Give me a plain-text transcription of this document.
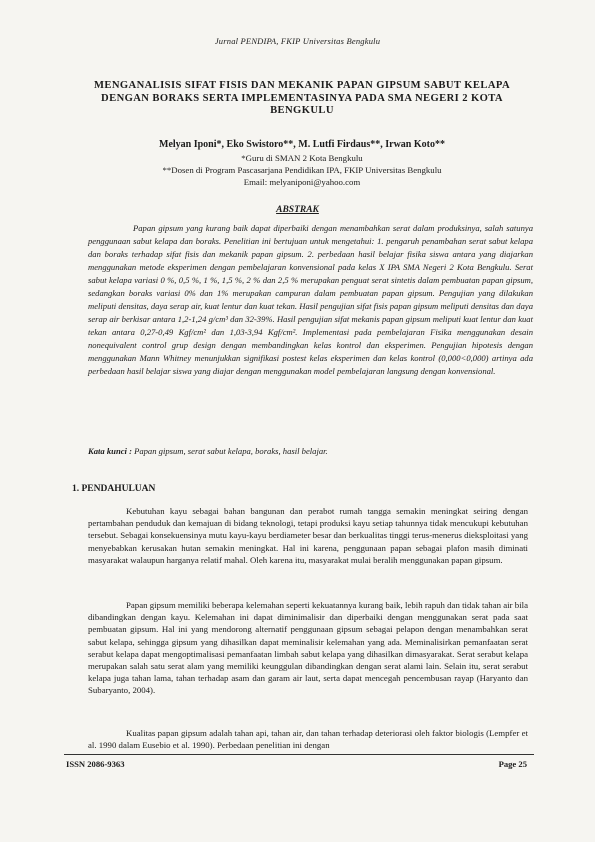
Jurnal PENDIPA, FKIP Universitas Bengkulu
MENGANALISIS SIFAT FISIS DAN MEKANIK PAPAN GIPSUM SABUT KELAPA DENGAN BORAKS SERTA IMPLEMENTASINYA PADA SMA NEGERI 2 KOTA BENGKULU
Melyan Iponi*, Eko Swistoro**, M. Lutfi Firdaus**, Irwan Koto**
*Guru di SMAN 2 Kota Bengkulu
**Dosen di Program Pascasarjana Pendidikan IPA, FKIP Universitas Bengkulu
Email: melyaniponi@yahoo.com
ABSTRAK

Papan gipsum yang kurang baik dapat diperbaiki dengan menambahkan serat dalam produksinya, salah satunya penggunaan sabut kelapa dan boraks. Penelitian ini bertujuan untuk mengetahui: 1. pengaruh penambahan serat sabut kelapa dan boraks terhadap sifat fisis dan mekanik papan gipsum. 2. perbedaan hasil belajar fisika siswa antara yang diajarkan menggunakan metode eksperimen dengan pembelajaran konvensional pada kelas X IPA SMA Negeri 2 Kota Bengkulu. Serat sabut kelapa variasi 0 %, 0,5 %, 1 %, 1,5 %, 2 % dan 2,5 % merupakan penguat serat sintetis dalam pembuatan papan gipsum, sedangkan boraks variasi 0% dan 1% merupakan campuran dalam pembuatan papan gipsum. Pengujian yang dilakukan meliputi densitas, daya serap air, kuat lentur dan kuat tekan. Hasil pengujian sifat fisis papan gipsum meliputi densitas dan daya serap air berkisar antara 1,2-1,24 g/cm³ dan 32-39%. Hasil pengujian sifat mekanis papan gipsum meliputi kuat lentur dan kuat tekan antara 0,27-0,49 Kgf/cm² dan 1,03-3,94 Kgf/cm². Implementasi pada pembelajaran Fisika menggunakan desain nonequivalent control grup design dengan membandingkan kelas kontrol dan eksperimen. Pengujian hipotesis dengan menggunakan Mann Whitney menunjukkan signifikasi postest kelas eksperimen dan kelas kontrol (0,000<0,000) artinya ada perbedaan hasil belajar siswa yang diajar dengan menggunakan model pembelajaran langsung dengan konvensional.

Kata kunci : Papan gipsum, serat sabut kelapa, boraks, hasil belajar.
1. PENDAHULUAN

Kebutuhan kayu sebagai bahan bangunan dan perabot rumah tangga semakin meningkat seiring dengan pertambahan penduduk dan kemajuan di bidang teknologi, tetapi produksi kayu setiap tahunnya tidak mencukupi kebutuhan tersebut. Sebagai konsekuensinya mutu kayu-kayu berdiameter besar dan berkualitas tinggi terus-menerus dieksploitasi yang menyebabkan kerusakan hutan semakin meningkat. Hal ini karena, penggunaan papan sebagai plafon masih diminati masyarakat walaupun harganya relatif mahal. Oleh karena itu, masyarakat mulai beralih menggunakan papan gipsum.

Papan gipsum memiliki beberapa kelemahan seperti kekuatannya kurang baik, lebih rapuh dan tidak tahan air bila dibandingkan dengan kayu. Kelemahan ini dapat diminimalisir dan diperbaiki dengan menggunakan serat pada saat pembuatan gipsum. Hal ini yang mendorong alternatif penggunaan gipsum sebagai pelapon dengan menambahkan serat sabut kelapa, sehingga gipsum yang dihasilkan dapat meminalisir kelemahan yang ada. Meminalisirkan pemanfaatan serat serabut kelapa dapat mengoptimalisasi pemanfaatan limbah sabut kelapa yang dihasilkan dimasyarakat. Serat serabut kelapa merupakan salah satu serat alam yang memiliki keunggulan dibandingkan dengan serat alami lain. Selain itu, serat serabut kelapa juga tahan lama, tahan terhadap asam dan garam air laut, serta dapat mencegah pencembusan rayap (Haryanto dan Subaryanto, 2004).

Kualitas papan gipsum adalah tahan api, tahan air, dan tahan terhadap deteriorasi oleh faktor biologis (Lempfer et al. 1990 dalam Eusebio et al. 1990). Perbedaan penelitian ini dengan

ISSN 2086-9363	Page 25
